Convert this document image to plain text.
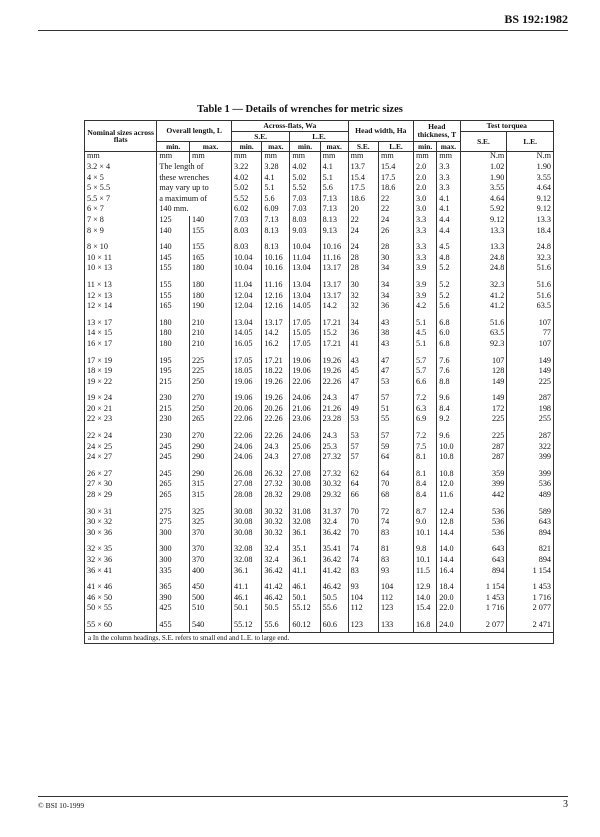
BS 192:1982
Table 1 — Details of wrenches for metric sizes
Nominal sizes across flats	Overall length, L		Across-flats, Wa				Head width, Ha		Head thickness, T		Test torquea	
			S.E.		L.E.						S.E.	L.E.
	min.	max.	min.	max.	min.	max.	S.E.	L.E.	min.	max.		
mm	mm	mm	mm	mm	mm	mm	mm	mm	mm	mm	N.m	N.m
3.2 × 4	The length of		3.22	3.28	4.02	4.1	13.7	15.4	2.0	3.3	1.02	1.90
4 × 5	these wrenches		4.02	4.1	5.02	5.1	15.4	17.5	2.0	3.3	1.90	3.55
5 × 5.5	may vary up to		5.02	5.1	5.52	5.6	17.5	18.6	2.0	3.3	3.55	4.64
5.5 × 7	a maximum of		5.52	5.6	7.03	7.13	18.6	22	3.0	4.1	4.64	9.12
6 × 7	140 mm.		6.02	6.09	7.03	7.13	20	22	3.0	4.1	5.92	9.12
7 × 8	125	140	7.03	7.13	8.03	8.13	22	24	3.3	4.4	9.12	13.3
8 × 9	140	155	8.03	8.13	9.03	9.13	24	26	3.3	4.4	13.3	18.4

8 × 10	140	155	8.03	8.13	10.04	10.16	24	28	3.3	4.5	13.3	24.8
10 × 11	145	165	10.04	10.16	11.04	11.16	28	30	3.3	4.8	24.8	32.3
10 × 13	155	180	10.04	10.16	13.04	13.17	28	34	3.9	5.2	24.8	51.6

11 × 13	155	180	11.04	11.16	13.04	13.17	30	34	3.9	5.2	32.3	51.6
12 × 13	155	180	12.04	12.16	13.04	13.17	32	34	3.9	5.2	41.2	51.6
12 × 14	165	190	12.04	12.16	14.05	14.2	32	36	4.2	5.6	41.2	63.5

13 × 17	180	210	13.04	13.17	17.05	17.21	34	43	5.1	6.8	51.6	107
14 × 15	180	210	14.05	14.2	15.05	15.2	36	38	4.5	6.0	63.5	77
16 × 17	180	210	16.05	16.2	17.05	17.21	41	43	5.1	6.8	92.3	107

17 × 19	195	225	17.05	17.21	19.06	19.26	43	47	5.7	7.6	107	149
18 × 19	195	225	18.05	18.22	19.06	19.26	45	47	5.7	7.6	128	149
19 × 22	215	250	19.06	19.26	22.06	22.26	47	53	6.6	8.8	149	225

19 × 24	230	270	19.06	19.26	24.06	24.3	47	57	7.2	9.6	149	287
20 × 21	215	250	20.06	20.26	21.06	21.26	49	51	6.3	8.4	172	198
22 × 23	230	265	22.06	22.26	23.06	23.28	53	55	6.9	9.2	225	255

22 × 24	230	270	22.06	22.26	24.06	24.3	53	57	7.2	9.6	225	287
24 × 25	245	290	24.06	24.3	25.06	25.3	57	59	7.5	10.0	287	322
24 × 27	245	290	24.06	24.3	27.08	27.32	57	64	8.1	10.8	287	399

26 × 27	245	290	26.08	26.32	27.08	27.32	62	64	8.1	10.8	359	399
27 × 30	265	315	27.08	27.32	30.08	30.32	64	70	8.4	12.0	399	536
28 × 29	265	315	28.08	28.32	29.08	29.32	66	68	8.4	11.6	442	489

30 × 31	275	325	30.08	30.32	31.08	31.37	70	72	8.7	12.4	536	589
30 × 32	275	325	30.08	30.32	32.08	32.4	70	74	9.0	12.8	536	643
30 × 36	300	370	30.08	30.32	36.1	36.42	70	83	10.1	14.4	536	894

32 × 35	300	370	32.08	32.4	35.1	35.41	74	81	9.8	14.0	643	821
32 × 36	300	370	32.08	32.4	36.1	36.42	74	83	10.1	14.4	643	894
36 × 41	335	400	36.1	36.42	41.1	41.42	83	93	11.5	16.4	894	1 154

41 × 46	365	450	41.1	41.42	46.1	46.42	93	104	12.9	18.4	1 154	1 453
46 × 50	390	500	46.1	46.42	50.1	50.5	104	112	14.0	20.0	1 453	1 716
50 × 55	425	510	50.1	50.5	55.12	55.6	112	123	15.4	22.0	1 716	2 077

55 × 60	455	540	55.12	55.6	60.12	60.6	123	133	16.8	24.0	2 077	2 471
a In the column headings, S.E. refers to small end and L.E. to large end.
© BSI 10-1999	3
